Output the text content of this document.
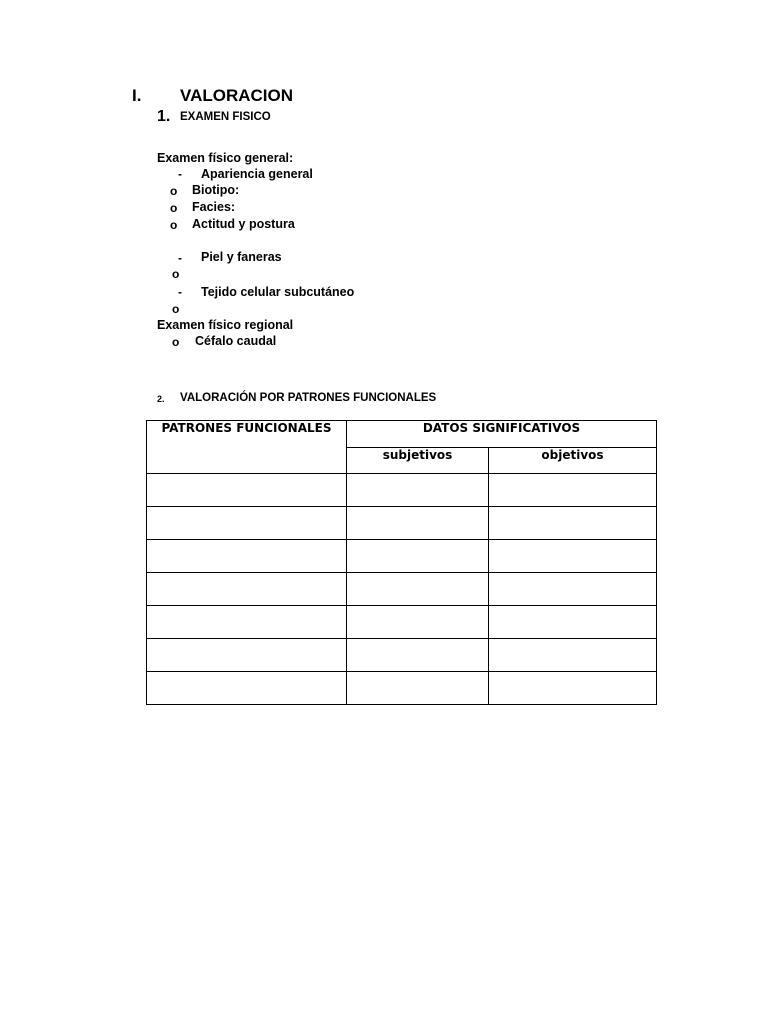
I. VALORACION
1. EXAMEN FISICO
Examen físico general:
- Apariencia general
o Biotipo:
o Facies:
o Actitud y postura
- Piel y faneras
o
- Tejido celular subcutáneo
o
Examen físico regional
o Céfalo caudal
2. VALORACIÓN POR PATRONES FUNCIONALES
PATRONES FUNCIONALES	DATOS SIGNIFICATIVOS	
	subjetivos	objetivos
